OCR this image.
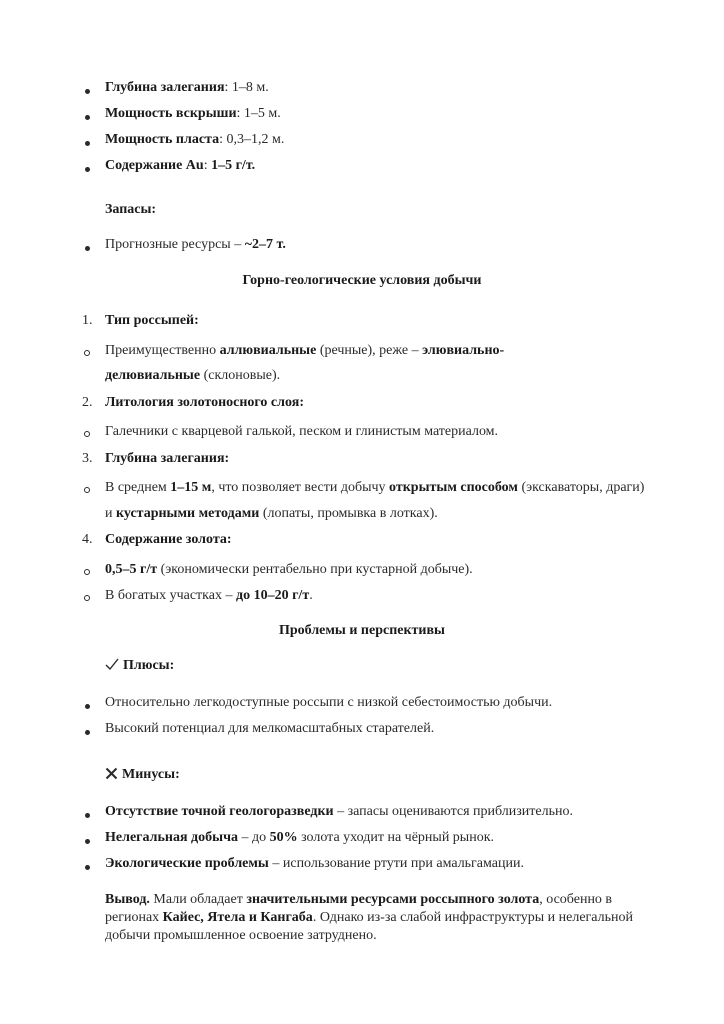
Глубина залегания: 1–8 м.
Мощность вскрыши: 1–5 м.
Мощность пласта: 0,3–1,2 м.
Содержание Au: 1–5 г/т.
Запасы:
Прогнозные ресурсы – ~2–7 т.
Горно-геологические условия добычи
1. Тип россыпей:
Преимущественно аллювиальные (речные), реже – элювиально-
делювиальные (склоновые).
2. Литология золотоносного слоя:
Галечники с кварцевой галькой, песком и глинистым материалом.
3. Глубина залегания:
В среднем 1–15 м, что позволяет вести добычу открытым способом (экскаваторы, драги)
и кустарными методами (лопаты, промывка в лотках).
4. Содержание золота:
0,5–5 г/т (экономически рентабельно при кустарной добыче).
В богатых участках – до 10–20 г/т.
Проблемы и перспективы
Плюсы:
Относительно легкодоступные россыпи с низкой себестоимостью добычи.
Высокий потенциал для мелкомасштабных старателей.
Минусы:
Отсутствие точной геологоразведки – запасы оцениваются приблизительно.
Нелегальная добыча – до 50% золота уходит на чёрный рынок.
Экологические проблемы – использование ртути при амальгамации.
Вывод. Мали обладает значительными ресурсами россыпного золота, особенно в
регионах Кайес, Ятела и Кангаба. Однако из-за слабой инфраструктуры и нелегальной
добычи промышленное освоение затруднено.
